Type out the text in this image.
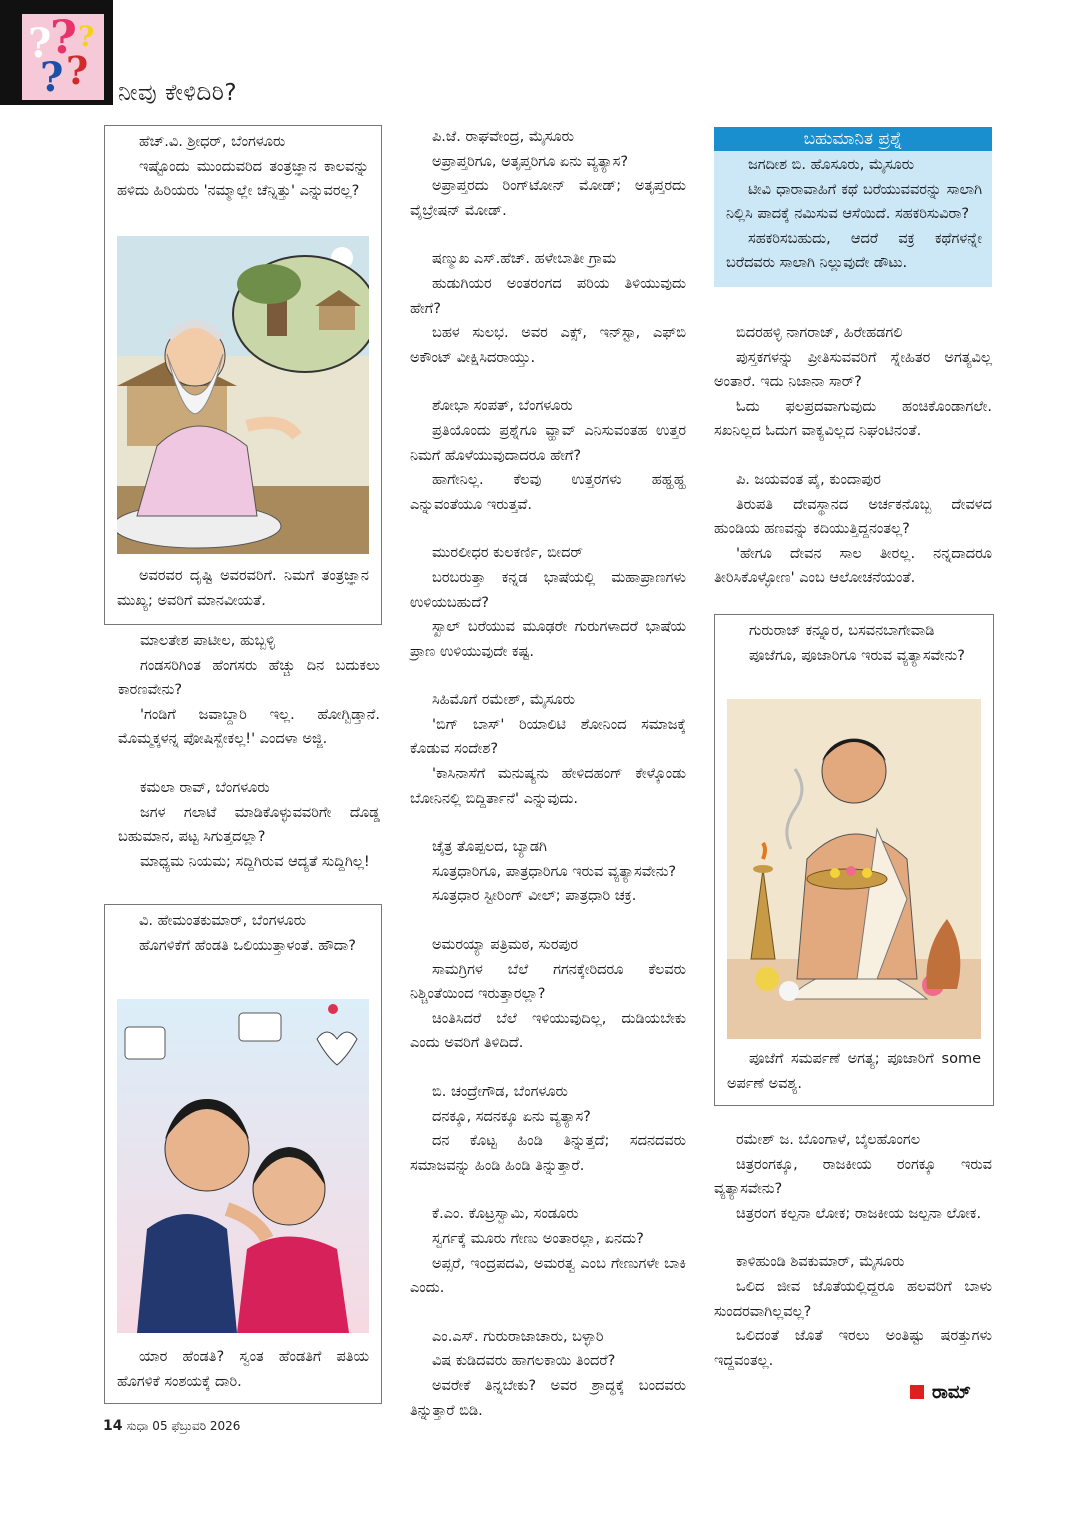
?
?
?
?
?
ನೀವು ಕೇಳಿದಿರಿ?

ಹೆಚ್.ವಿ. ಶ್ರೀಧರ್, ಬೆಂಗಳೂರು

ಇಷ್ಟೊಂದು ಮುಂದುವರಿದ ತಂತ್ರಜ್ಞಾನ ಕಾಲವನ್ನು ಹಳಿದು ಹಿರಿಯರು 'ನಮ್ಮಾಲ್ಲೇ ಚೆನ್ನಿತ್ತು' ಎನ್ನುವರಲ್ಲ?

ಅವರವರ ದೃಷ್ಟಿ ಅವರವರಿಗೆ. ನಿಮಗೆ ತಂತ್ರಜ್ಞಾನ ಮುಖ್ಯ; ಅವರಿಗೆ ಮಾನವೀಯತೆ.

ಮಾಲತೇಶ ಪಾಟೀಲ, ಹುಬ್ಬಳ್ಳಿ

ಗಂಡಸರಿಗಿಂತ ಹೆಂಗಸರು ಹೆಚ್ಚು ದಿನ ಬದುಕಲು ಕಾರಣವೇನು?

'ಗಂಡಿಗೆ ಜವಾಬ್ದಾರಿ ಇಲ್ಲ. ಹೋಗ್ಬಿಡ್ತಾನೆ. ಮೊಮ್ಮಕ್ಕಳನ್ನ ಪೋಷಿಸ್ಬೇಕಲ್ಲ!' ಎಂದಳಾ ಅಜ್ಜಿ.

ಕಮಲಾ ರಾವ್, ಬೆಂಗಳೂರು

ಜಗಳ ಗಲಾಟೆ ಮಾಡಿಕೊಳ್ಳುವವರಿಗೇ ದೊಡ್ಡ ಬಹುಮಾನ, ಪಟ್ಟ ಸಿಗುತ್ತದಲ್ಲಾ?

ಮಾಧ್ಯಮ ನಿಯಮ; ಸದ್ದಿಗಿರುವ ಆದ್ಯತೆ ಸುದ್ದಿಗಿಲ್ಲ!

ವಿ. ಹೇಮಂತಕುಮಾರ್, ಬೆಂಗಳೂರು

ಹೊಗಳಿಕೆಗೆ ಹೆಂಡತಿ ಒಲಿಯುತ್ತಾಳಂತೆ. ಹೌದಾ?

ಯಾರ ಹೆಂಡತಿ? ಸ್ವಂತ ಹೆಂಡತಿಗೆ ಪತಿಯ ಹೊಗಳಿಕೆ ಸಂಶಯಕ್ಕೆ ದಾರಿ.

ಪಿ.ಜೆ. ರಾಘವೇಂದ್ರ, ಮೈಸೂರು

ಅಪ್ರಾಪ್ತರಿಗೂ, ಅತೃಪ್ತರಿಗೂ ಏನು ವ್ಯತ್ಯಾಸ?

ಅಪ್ರಾಪ್ತರದು ರಿಂಗ್‌ಟೋನ್ ಮೋಡ್; ಅತೃಪ್ತರದು ವೈಬ್ರೇಷನ್ ಮೋಡ್.

ಷಣ್ಮುಖ ಎಸ್.ಹೆಚ್. ಹಳೇಬಾತೀ ಗ್ರಾಮ

ಹುಡುಗಿಯರ ಅಂತರಂಗದ ಪರಿಯ ತಿಳಿಯುವುದು ಹೇಗೆ?

ಬಹಳ ಸುಲಭ. ಅವರ ಎಕ್ಸ್, ಇನ್‌ಸ್ಟಾ, ಎಫ್‌ಬಿ ಅಕೌಂಟ್ ವೀಕ್ಷಿಸಿದರಾಯ್ತು.

ಶೋಭಾ ಸಂಪತ್, ಬೆಂಗಳೂರು

ಪ್ರತಿಯೊಂದು ಪ್ರಶ್ನೆಗೂ ವ್ಹಾವ್ ಎನಿಸುವಂತಹ ಉತ್ತರ ನಿಮಗೆ ಹೊಳೆಯುವುದಾದರೂ ಹೇಗೆ?

ಹಾಗೇನಿಲ್ಲ. ಕೆಲವು ಉತ್ತರಗಳು ಹಹ್ಹಹ್ಹ ಎನ್ನುವಂತೆಯೂ ಇರುತ್ತವೆ.

ಮುರಲೀಧರ ಕುಲಕರ್ಣಿ, ಬೀದರ್

ಬರಬರುತ್ತಾ ಕನ್ನಡ ಭಾಷೆಯಲ್ಲಿ ಮಹಾಪ್ರಾಣಗಳು ಉಳಿಯಬಹುದೆ?

ಸ್ಖಾಲ್ ಬರೆಯುವ ಮೂಢರೇ ಗುರುಗಳಾದರೆ ಭಾಷೆಯ ಪ್ರಾಣ ಉಳಿಯುವುದೇ ಕಷ್ಟ.

ಸಿಹಿಮೊಗೆ ರಮೇಶ್, ಮೈಸೂರು

'ಬಿಗ್ ಬಾಸ್' ರಿಯಾಲಿಟಿ ಶೋನಿಂದ ಸಮಾಜಕ್ಕೆ ಕೊಡುವ ಸಂದೇಶ?

'ಕಾಸಿನಾಸೆಗೆ ಮನುಷ್ಯನು ಹೇಳಿದಹಂಗ್ ಕೇಳ್ಕೊಂಡು ಬೋನಿನಲ್ಲಿ ಬಿದ್ದಿರ್ತಾನೆ' ಎನ್ನುವುದು.

ಚೈತ್ರ ತೊಪ್ಪಲದ, ಬ್ಯಾಡಗಿ

ಸೂತ್ರಧಾರಿಗೂ, ಪಾತ್ರಧಾರಿಗೂ ಇರುವ ವ್ಯತ್ಯಾಸವೇನು?

ಸೂತ್ರಧಾರ ಸ್ಟೀರಿಂಗ್ ವೀಲ್; ಪಾತ್ರಧಾರಿ ಚಕ್ರ.

ಅಮರಯ್ಯಾ ಪತ್ರಿಮಠ, ಸುರಪುರ

ಸಾಮಗ್ರಿಗಳ ಬೆಲೆ ಗಗನಕ್ಕೇರಿದರೂ ಕೆಲವರು ನಿಶ್ಚಿಂತೆಯಿಂದ ಇರುತ್ತಾರಲ್ಲಾ?

ಚಿಂತಿಸಿದರೆ ಬೆಲೆ ಇಳಿಯುವುದಿಲ್ಲ, ದುಡಿಯಬೇಕು ಎಂದು ಅವರಿಗೆ ತಿಳಿದಿದೆ.

ಬಿ. ಚಂದ್ರೇಗೌಡ, ಬೆಂಗಳೂರು

ದನಕ್ಕೂ, ಸದನಕ್ಕೂ ಏನು ವ್ಯತ್ಯಾಸ?

ದನ ಕೊಟ್ಟ ಹಿಂಡಿ ತಿನ್ನುತ್ತದೆ; ಸದನದವರು ಸಮಾಜವನ್ನು ಹಿಂಡಿ ಹಿಂಡಿ ತಿನ್ನುತ್ತಾರೆ.

ಕೆ.ಎಂ. ಕೊಟ್ರಸ್ವಾಮಿ, ಸಂಡೂರು

ಸ್ವರ್ಗಕ್ಕೆ ಮೂರು ಗೇಣು ಅಂತಾರಲ್ಲಾ, ಏನದು?

ಅಪ್ಸರೆ, ಇಂದ್ರಪದವಿ, ಅಮರತ್ವ ಎಂಬ ಗೇಣುಗಳೇ ಬಾಕಿ ಎಂದು.

ಎಂ.ಎಸ್. ಗುರುರಾಜಾಚಾರು, ಬಳ್ಳಾರಿ

ವಿಷ ಕುಡಿದವರು ಹಾಗಲಕಾಯಿ ತಿಂದರೆ?

ಅವರೇಕೆ ತಿನ್ನಬೇಕು? ಅವರ ಶ್ರಾದ್ಧಕ್ಕೆ ಬಂದವರು ತಿನ್ನುತ್ತಾರೆ ಬಿಡಿ.

ಬಹುಮಾನಿತ ಪ್ರಶ್ನೆ

ಜಗದೀಶ ಬಿ. ಹೊಸೂರು, ಮೈಸೂರು

ಟೀವಿ ಧಾರಾವಾಹಿಗೆ ಕಥೆ ಬರೆಯುವವರನ್ನು ಸಾಲಾಗಿ ನಿಲ್ಲಿಸಿ ಪಾದಕ್ಕೆ ನಮಿಸುವ ಆಸೆಯಿದೆ. ಸಹಕರಿಸುವಿರಾ?

ಸಹಕರಿಸಬಹುದು, ಆದರೆ ವಕ್ರ ಕಥೆಗಳನ್ನೇ ಬರೆದವರು ಸಾಲಾಗಿ ನಿಲ್ಲುವುದೇ ಡೌಟು.

ಬಿದರಹಳ್ಳಿ ನಾಗರಾಜ್, ಹಿರೇಹಡಗಲಿ

ಪುಸ್ತಕಗಳನ್ನು ಪ್ರೀತಿಸುವವರಿಗೆ ಸ್ನೇಹಿತರ ಅಗತ್ಯವಿಲ್ಲ ಅಂತಾರೆ. ಇದು ನಿಜಾನಾ ಸಾರ್?

ಓದು ಫಲಪ್ರದವಾಗುವುದು ಹಂಚಿಕೊಂಡಾಗಲೇ. ಸಖನಿಲ್ಲದ ಓದುಗ ವಾಕ್ಯವಿಲ್ಲದ ನಿಘಂಟಿನಂತೆ.

ಪಿ. ಜಯವಂತ ಪೈ, ಕುಂದಾಪುರ

ತಿರುಪತಿ ದೇವಸ್ಥಾನದ ಅರ್ಚಕನೊಬ್ಬ ದೇವಳದ ಹುಂಡಿಯ ಹಣವನ್ನು ಕದಿಯುತ್ತಿದ್ದನಂತಲ್ಲ?

'ಹೇಗೂ ದೇವನ ಸಾಲ ತೀರಲ್ಲ. ನನ್ನದಾದರೂ ತೀರಿಸಿಕೊಳ್ಳೋಣ' ಎಂಬ ಆಲೋಚನೆಯಂತೆ.

ಗುರುರಾಜ್ ಕನ್ನೂರ, ಬಸವನಬಾಗೇವಾಡಿ

ಪೂಜೆಗೂ, ಪೂಜಾರಿಗೂ ಇರುವ ವ್ಯತ್ಯಾಸವೇನು?

ಪೂಜೆಗೆ ಸಮರ್ಪಣೆ ಅಗತ್ಯ; ಪೂಜಾರಿಗೆ some ಅರ್ಪಣೆ ಅವಶ್ಯ.

ರಮೇಶ್ ಜ. ಬೊಂಗಾಳೆ, ಬೈಲಹೊಂಗಲ

ಚಿತ್ರರಂಗಕ್ಕೂ, ರಾಜಕೀಯ ರಂಗಕ್ಕೂ ಇರುವ ವ್ಯತ್ಯಾಸವೇನು?

ಚಿತ್ರರಂಗ ಕಲ್ಪನಾ ಲೋಕ; ರಾಜಕೀಯ ಜಲ್ಪನಾ ಲೋಕ.

ಕಾಳಿಹುಂಡಿ ಶಿವಕುಮಾರ್, ಮೈಸೂರು

ಒಲಿದ ಜೀವ ಜೊತೆಯಲ್ಲಿದ್ದರೂ ಹಲವರಿಗೆ ಬಾಳು ಸುಂದರವಾಗಿಲ್ಲವಲ್ಲ?

ಒಲಿದಂತೆ ಜೊತೆ ಇರಲು ಅಂತಿಷ್ಟು ಷರತ್ತುಗಳು ಇದ್ದವಂತಲ್ಲ.

ರಾಮ್
14 ಸುಧಾ 05 ಫೆಬ್ರುವರಿ 2026
